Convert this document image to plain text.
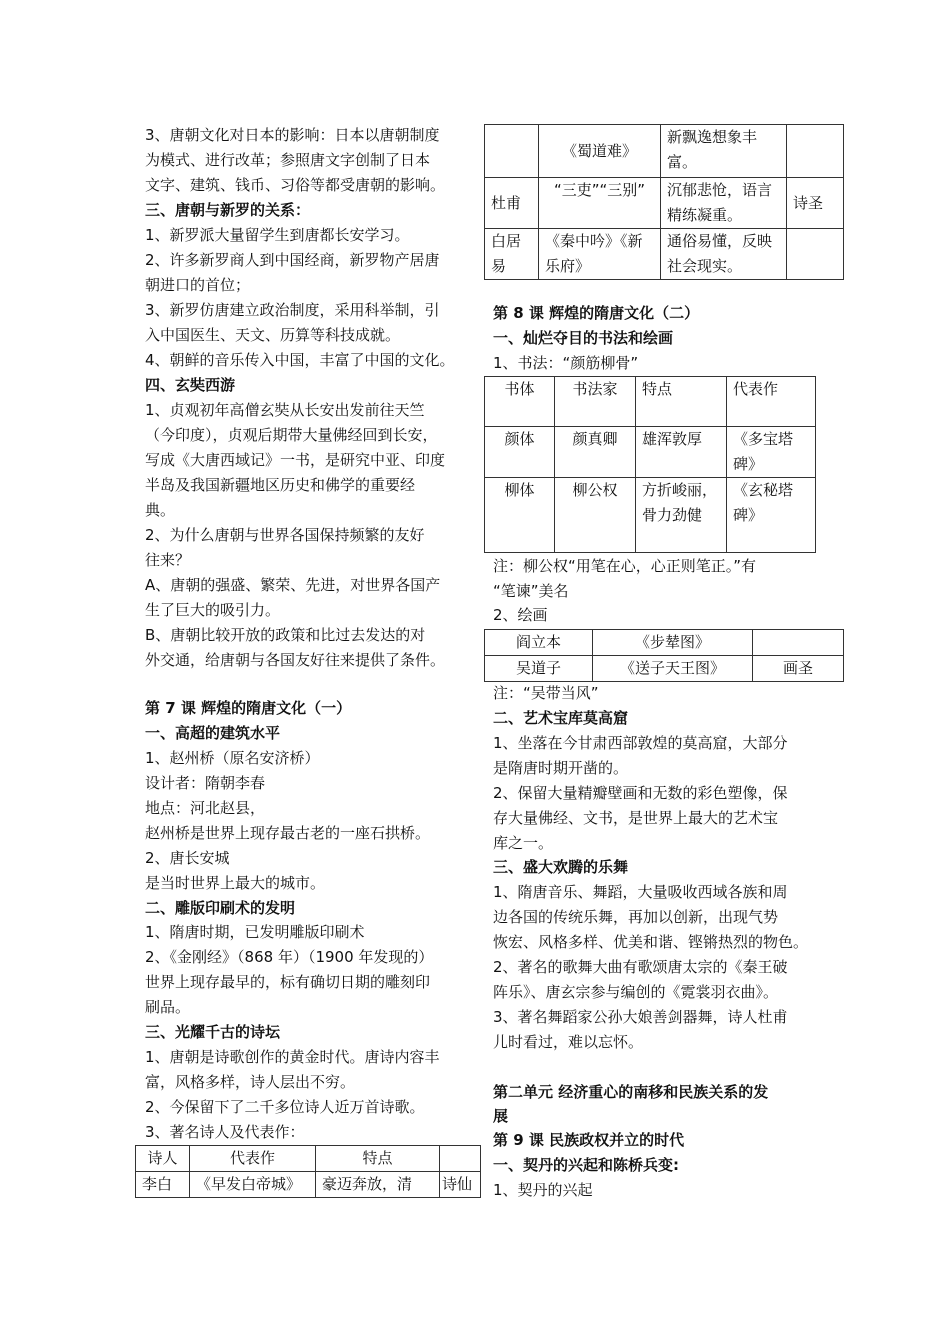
3、唐朝文化对日本的影响：日本以唐朝制度
为模式、进行改革；参照唐文字创制了日本
文字、建筑、钱币、习俗等都受唐朝的影响。
三、唐朝与新罗的关系：
1、新罗派大量留学生到唐都长安学习。
2、许多新罗商人到中国经商，新罗物产居唐
朝进口的首位；
3、新罗仿唐建立政治制度，采用科举制，引
入中国医生、天文、历算等科技成就。
4、朝鲜的音乐传入中国，丰富了中国的文化。
四、玄奘西游
1、贞观初年高僧玄奘从长安出发前往天竺
（今印度），贞观后期带大量佛经回到长安，
写成《大唐西域记》一书，是研究中亚、印度
半岛及我国新疆地区历史和佛学的重要经
典。
2、为什么唐朝与世界各国保持频繁的友好
往来？
A、唐朝的强盛、繁荣、先进，对世界各国产
生了巨大的吸引力。
B、唐朝比较开放的政策和比过去发达的对
外交通，给唐朝与各国友好往来提供了条件。
第 7 课 辉煌的隋唐文化（一）
一、高超的建筑水平
1、赵州桥（原名安济桥）
设计者：隋朝李春
地点：河北赵县，
赵州桥是世界上现存最古老的一座石拱桥。
2、唐长安城
是当时世界上最大的城市。
二、雕版印刷术的发明
1、隋唐时期，已发明雕版印刷术
2、《金刚经》（868 年）（1900 年发现的）
世界上现存最早的，标有确切日期的雕刻印
刷品。
三、光耀千古的诗坛
1、唐朝是诗歌创作的黄金时代。唐诗内容丰
富，风格多样，诗人层出不穷。
2、今保留下了二千多位诗人近万首诗歌。
3、著名诗人及代表作：
诗人	代表作	特点	
李白	《早发白帝城》	豪迈奔放，清	诗仙
	《蜀道难》	新飘逸想象丰富。	
杜甫	“三吏”“三别”	沉郁悲怆，语言精练凝重。	诗圣
白居易	《秦中吟》《新乐府》	通俗易懂，反映社会现实。	
第 8 课 辉煌的隋唐文化（二）
一、灿烂夺目的书法和绘画
1、书法：“颜筋柳骨”
注：柳公权“用笔在心，心正则笔正。”有
“笔谏”美名
2、绘画
注：“吴带当风”
二、艺术宝库莫高窟
1、坐落在今甘肃西部敦煌的莫高窟，大部分
是隋唐时期开凿的。
2、保留大量精瓣壁画和无数的彩色塑像，保
存大量佛经、文书，是世界上最大的艺术宝
库之一。
三、盛大欢腾的乐舞
1、隋唐音乐、舞蹈，大量吸收西域各族和周
边各国的传统乐舞，再加以创新，出现气势
恢宏、风格多样、优美和谐、铿锵热烈的物色。
2、著名的歌舞大曲有歌颂唐太宗的《秦王破
阵乐》、唐玄宗参与编创的《霓裳羽衣曲》。
3、著名舞蹈家公孙大娘善剑器舞，诗人杜甫
儿时看过，难以忘怀。
第二单元 经济重心的南移和民族关系的发
展
第 9 课 民族政权并立的时代
一、契丹的兴起和陈桥兵变:
1、契丹的兴起
书体	书法家	特点	代表作
颜体	颜真卿	雄浑敦厚	《多宝塔碑》
柳体	柳公权	方折峻丽，骨力劲健	《玄秘塔碑》
阎立本	《步辇图》	
吴道子	《送子天王图》	画圣
